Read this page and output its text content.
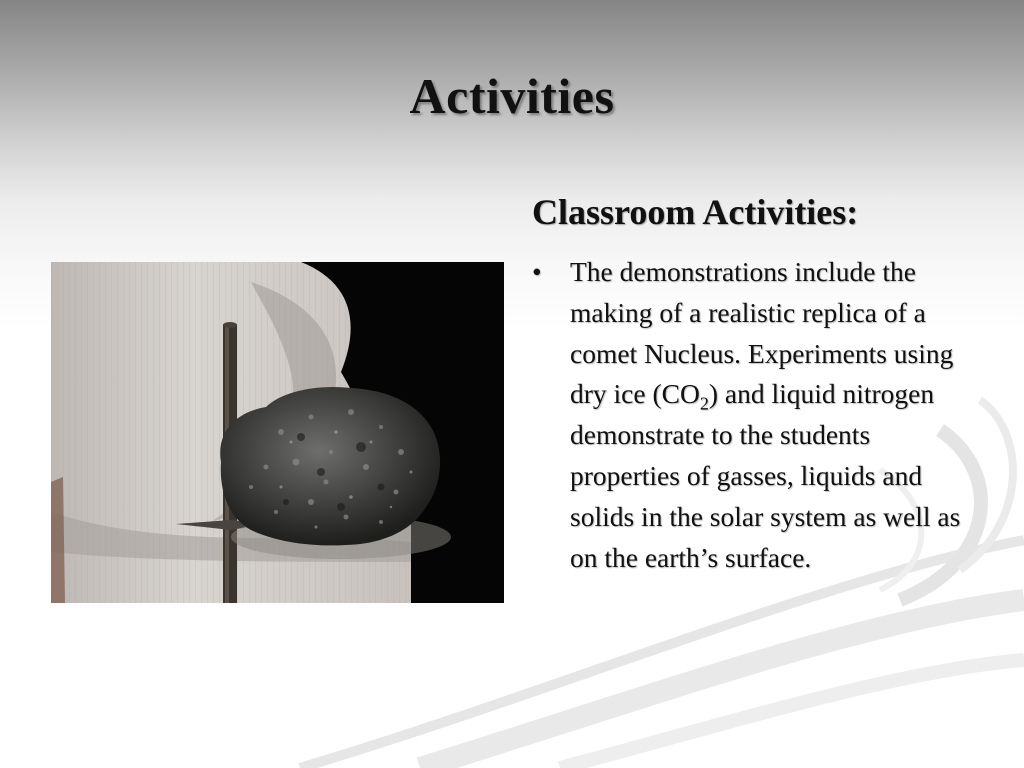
Activities
Classroom Activities:
•	The demonstrations include the making of a realistic replica of a comet Nucleus. Experiments using dry ice $(CO_2)$ and liquid nitrogen demonstrate to the students properties of gasses, liquids and solids in the solar system as well as on the earth’s surface.
